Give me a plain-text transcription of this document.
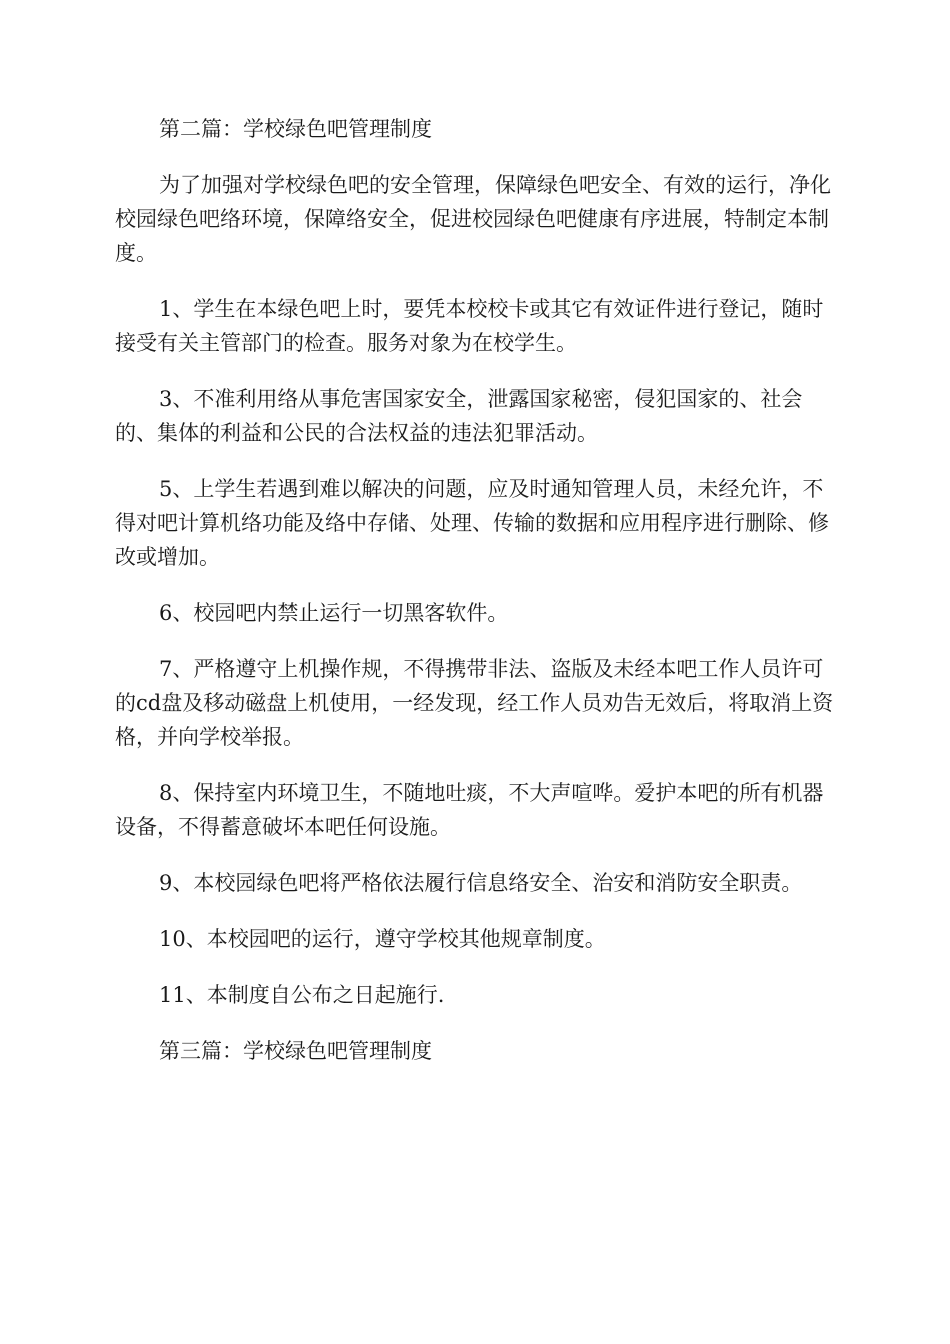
第二篇：学校绿色吧管理制度

为了加强对学校绿色吧的安全管理，保障绿色吧安全、有效的运行，净化校园绿色吧络环境，保障络安全，促进校园绿色吧健康有序进展，特制定本制度。

1、学生在本绿色吧上时，要凭本校校卡或其它有效证件进行登记，随时接受有关主管部门的检查。服务对象为在校学生。

3、不准利用络从事危害国家安全，泄露国家秘密，侵犯国家的、社会的、集体的利益和公民的合法权益的违法犯罪活动。

5、上学生若遇到难以解决的问题，应及时通知管理人员，未经允许，不得对吧计算机络功能及络中存储、处理、传输的数据和应用程序进行删除、修改或增加。

6、校园吧内禁止运行一切黑客软件。

7、严格遵守上机操作规，不得携带非法、盗版及未经本吧工作人员许可的cd盘及移动磁盘上机使用，一经发现，经工作人员劝告无效后，将取消上资格，并向学校举报。

8、保持室内环境卫生，不随地吐痰，不大声喧哗。爱护本吧的所有机器设备，不得蓄意破坏本吧任何设施。

9、本校园绿色吧将严格依法履行信息络安全、治安和消防安全职责。

10、本校园吧的运行，遵守学校其他规章制度。

11、本制度自公布之日起施行.

第三篇：学校绿色吧管理制度
